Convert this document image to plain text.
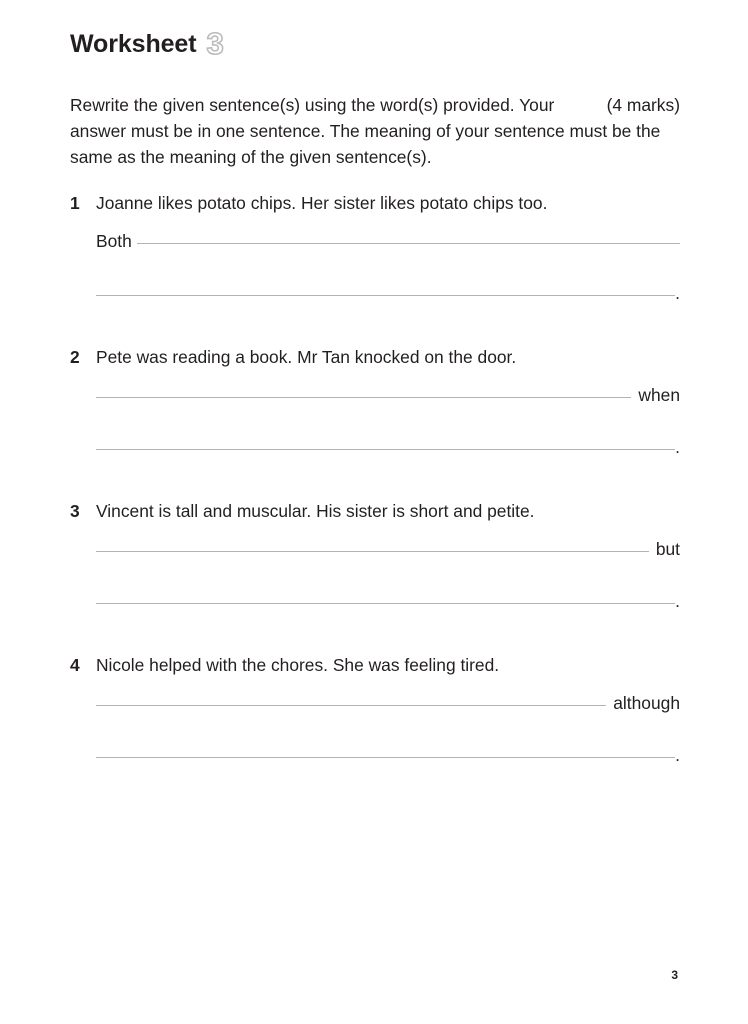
Worksheet 3
(4 marks)
Rewrite the given sentence(s) using the word(s) provided. Your answer must be in one sentence. The meaning of your sentence must be the same as the meaning of the given sentence(s).
1 Joanne likes potato chips. Her sister likes potato chips too.
Both
.
2 Pete was reading a book. Mr Tan knocked on the door.
when
.
3 Vincent is tall and muscular. His sister is short and petite.
but
.
4 Nicole helped with the chores. She was feeling tired.
although
.
3
